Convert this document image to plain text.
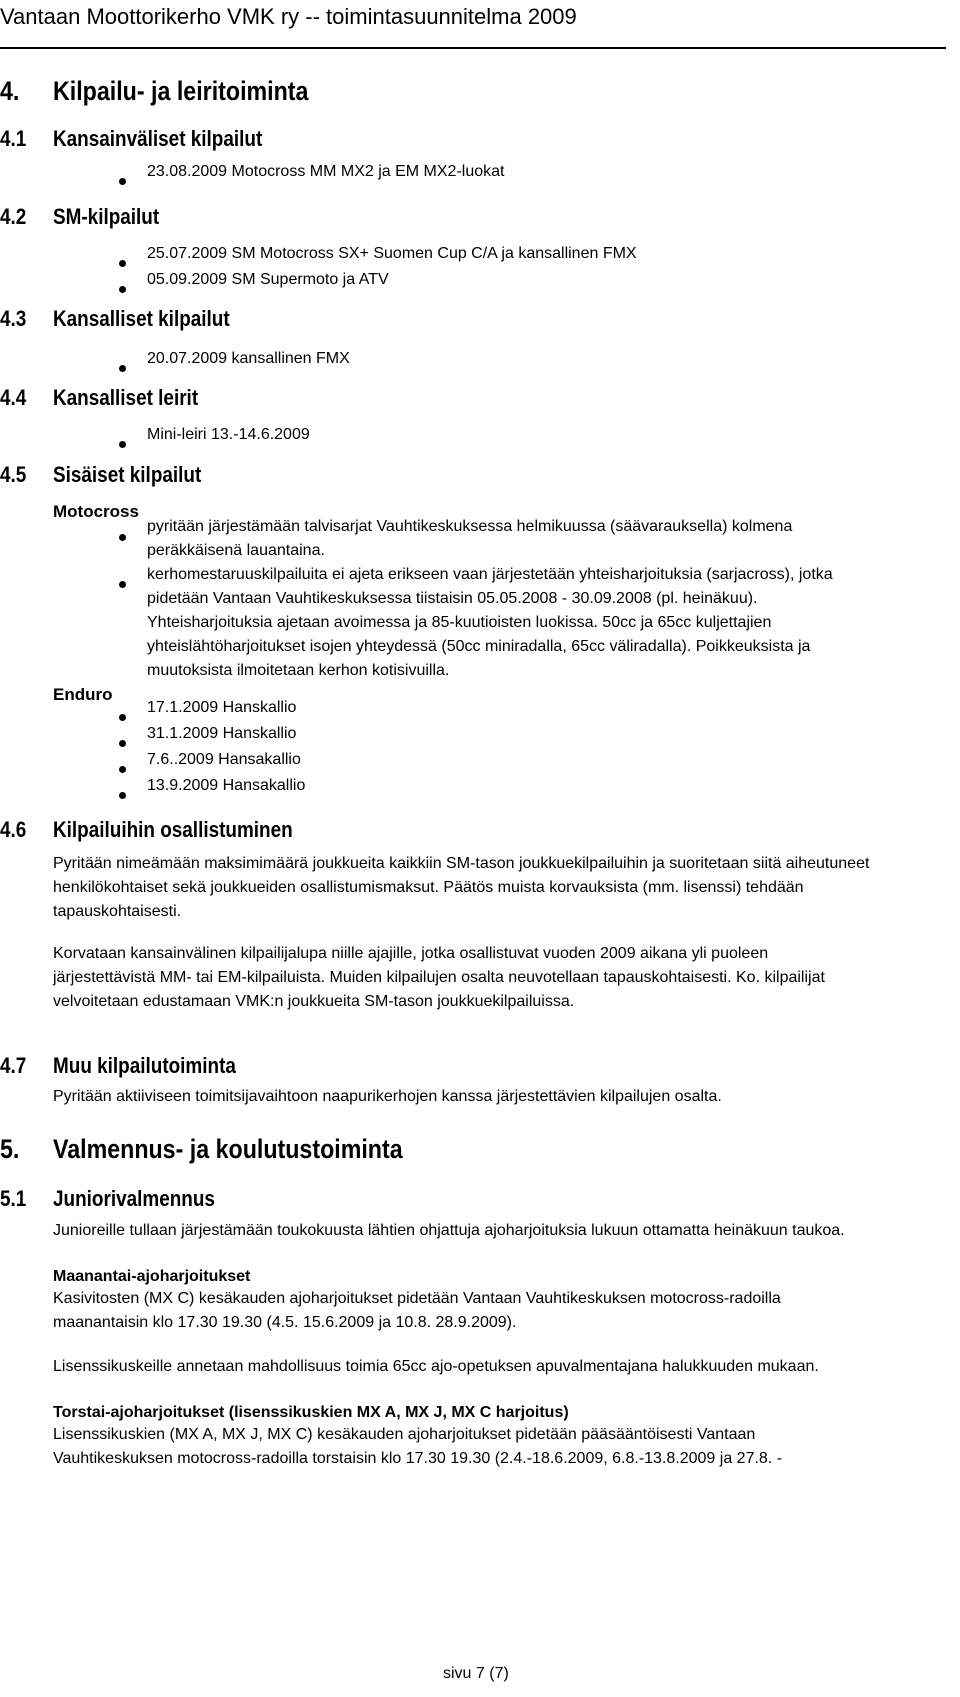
Vantaan Moottorikerho VMK ry -- toimintasuunnitelma 2009
4. Kilpailu- ja leiritoiminta
4.1 Kansainväliset kilpailut
23.08.2009 Motocross MM MX2 ja EM MX2-luokat
4.2 SM-kilpailut
25.07.2009 SM Motocross SX+ Suomen Cup C/A ja kansallinen FMX
05.09.2009 SM Supermoto ja ATV
4.3 Kansalliset kilpailut
20.07.2009 kansallinen FMX
4.4 Kansalliset leirit
Mini-leiri 13.-14.6.2009
4.5 Sisäiset kilpailut
Motocross
pyritään järjestämään talvisarjat Vauhtikeskuksessa helmikuussa (säävarauksella) kolmena
peräkkäisenä lauantaina.
kerhomestaruuskilpailuita ei ajeta erikseen vaan järjestetään yhteisharjoituksia (sarjacross), jotka
pidetään Vantaan Vauhtikeskuksessa tiistaisin 05.05.2008 - 30.09.2008 (pl. heinäkuu).
Yhteisharjoituksia ajetaan avoimessa ja 85-kuutioisten luokissa. 50cc ja 65cc kuljettajien
yhteislähtöharjoitukset isojen yhteydessä (50cc miniradalla, 65cc väliradalla). Poikkeuksista ja
muutoksista ilmoitetaan kerhon kotisivuilla.
Enduro
17.1.2009 Hanskallio
31.1.2009 Hanskallio
7.6..2009 Hansakallio
13.9.2009 Hansakallio
4.6 Kilpailuihin osallistuminen
Pyritään nimeämään maksimimäärä joukkueita kaikkiin SM-tason joukkuekilpailuihin ja suoritetaan siitä aiheutuneet
henkilökohtaiset sekä joukkueiden osallistumismaksut. Päätös muista korvauksista (mm. lisenssi) tehdään
tapauskohtaisesti.
Korvataan kansainvälinen kilpailijalupa niille ajajille, jotka osallistuvat vuoden 2009 aikana yli puoleen
järjestettävistä MM- tai EM-kilpailuista. Muiden kilpailujen osalta neuvotellaan tapauskohtaisesti. Ko. kilpailijat
velvoitetaan edustamaan VMK:n joukkueita SM-tason joukkuekilpailuissa.
4.7 Muu kilpailutoiminta
Pyritään aktiiviseen toimitsijavaihtoon naapurikerhojen kanssa järjestettävien kilpailujen osalta.
5. Valmennus- ja koulutustoiminta
5.1 Juniorivalmennus
Junioreille tullaan järjestämään toukokuusta lähtien ohjattuja ajoharjoituksia lukuun ottamatta heinäkuun taukoa.
Maanantai-ajoharjoitukset
Kasivitosten (MX C) kesäkauden ajoharjoitukset pidetään Vantaan Vauhtikeskuksen motocross-radoilla
maanantaisin klo 17.30 19.30 (4.5. 15.6.2009 ja 10.8. 28.9.2009).
Lisenssikuskeille annetaan mahdollisuus toimia 65cc ajo-opetuksen apuvalmentajana halukkuuden mukaan.
Torstai-ajoharjoitukset (lisenssikuskien MX A, MX J, MX C harjoitus)
Lisenssikuskien (MX A, MX J, MX C) kesäkauden ajoharjoitukset pidetään pääsääntöisesti Vantaan
Vauhtikeskuksen motocross-radoilla torstaisin klo 17.30 19.30 (2.4.-18.6.2009, 6.8.-13.8.2009 ja 27.8. -
sivu 7 (7)
